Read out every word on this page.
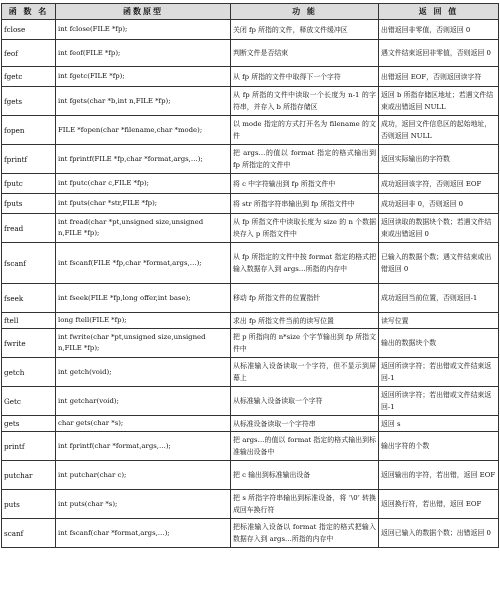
函 数 名	函数原型	功 能	返 回 值
fclose	int fclose(FILE *fp);	关闭 fp 所指的文件，释放文件缓冲区	出错返回非零值，否则返回 0
feof	int feof(FILE *fp);	判断文件是否结束	遇文件结束返回非零值，否则返回 0
fgetc	int fgetc(FILE *fp);	从 fp 所指的文件中取得下一个字符	出错返回 EOF，否则返回读字符
fgets	int fgets(char *b,int n,FILE *fp);	从 fp 所指的文件中读取一个长度为 n-1 的字符串，并存入 b 所指存储区	返回 b 所指存储区地址；若遇文件结束或出错返回 NULL
fopen	FILE *fopen(char *filename,char *mode);	以 mode 指定的方式打开名为 filename 的文件	成功，返回文件信息区的起始地址，否则返回 NULL
fprintf	int fprintf(FILE *fp,char *format,args,…);	把 args…的值以 format 指定的格式输出到 fp 所指定的文件中	返回实际输出的字符数
fputc	int fputc(char c,FILE *fp);	将 c 中字符输出到 fp 所指文件中	成功返回该字符，否则返回 EOF
fputs	int fputs(char *str,FILE *fp);	将 str 所指字符串输出到 fp 所指文件中	成功返回非 0，否则返回 0
fread	int fread(char *pt,unsigned size,unsigned n,FILE *fp);	从 fp 所指文件中读取长度为 size 的 n 个数据块存入 p 所指文件中	返回读取的数据块个数；若遇文件结束或出错返回 0
fscanf	int fscanf(FILE *fp,char *format,args,…);	从 fp 所指定的文件中按 format 指定的格式把输入数据存入到 args…所指的内存中	已输入的数据个数；遇文件结束或出错返回 0
fseek	int fseek(FILE *fp,long offer,int base);	移动 fp 所指文件的位置指针	成功返回当前位置，否则返回-1
ftell	long ftell(FILE *fp);	求出 fp 所指文件当前的读写位置	读写位置
fwrite	int fwrite(char *pt,unsigned size,unsigned n,FILE *fp);	把 p 所指向的 n*size 个字节输出到 fp 所指文件中	输出的数据块个数
getch	int getch(void);	从标准输入设备读取一个字符，但不显示到屏幕上	返回所读字符；若出错或文件结束返回-1
Getc	int getchar(void);	从标准输入设备读取一个字符	返回所读字符；若出错或文件结束返回-1
gets	char gets(char *s);	从标准设备读取一个字符串	返回 s
printf	int fprintf(char *format,args,…);	把 args…的值以 format 指定的格式输出到标准输出设备中	输出字符的个数
putchar	int putchar(char c);	把 c 输出到标准输出设备	返回输出的字符，若出错，返回 EOF
puts	int puts(char *s);	把 s 所指字符串输出到标准设备，将 ‘\0’ 转换成回车换行符	返回换行符，若出错，返回 EOF
scanf	int fscanf(char *format,args,…);	把标准输入设备以 format 指定的格式把输入数据存入到 args…所指的内存中	返回已输入的数据个数；出错返回 0
